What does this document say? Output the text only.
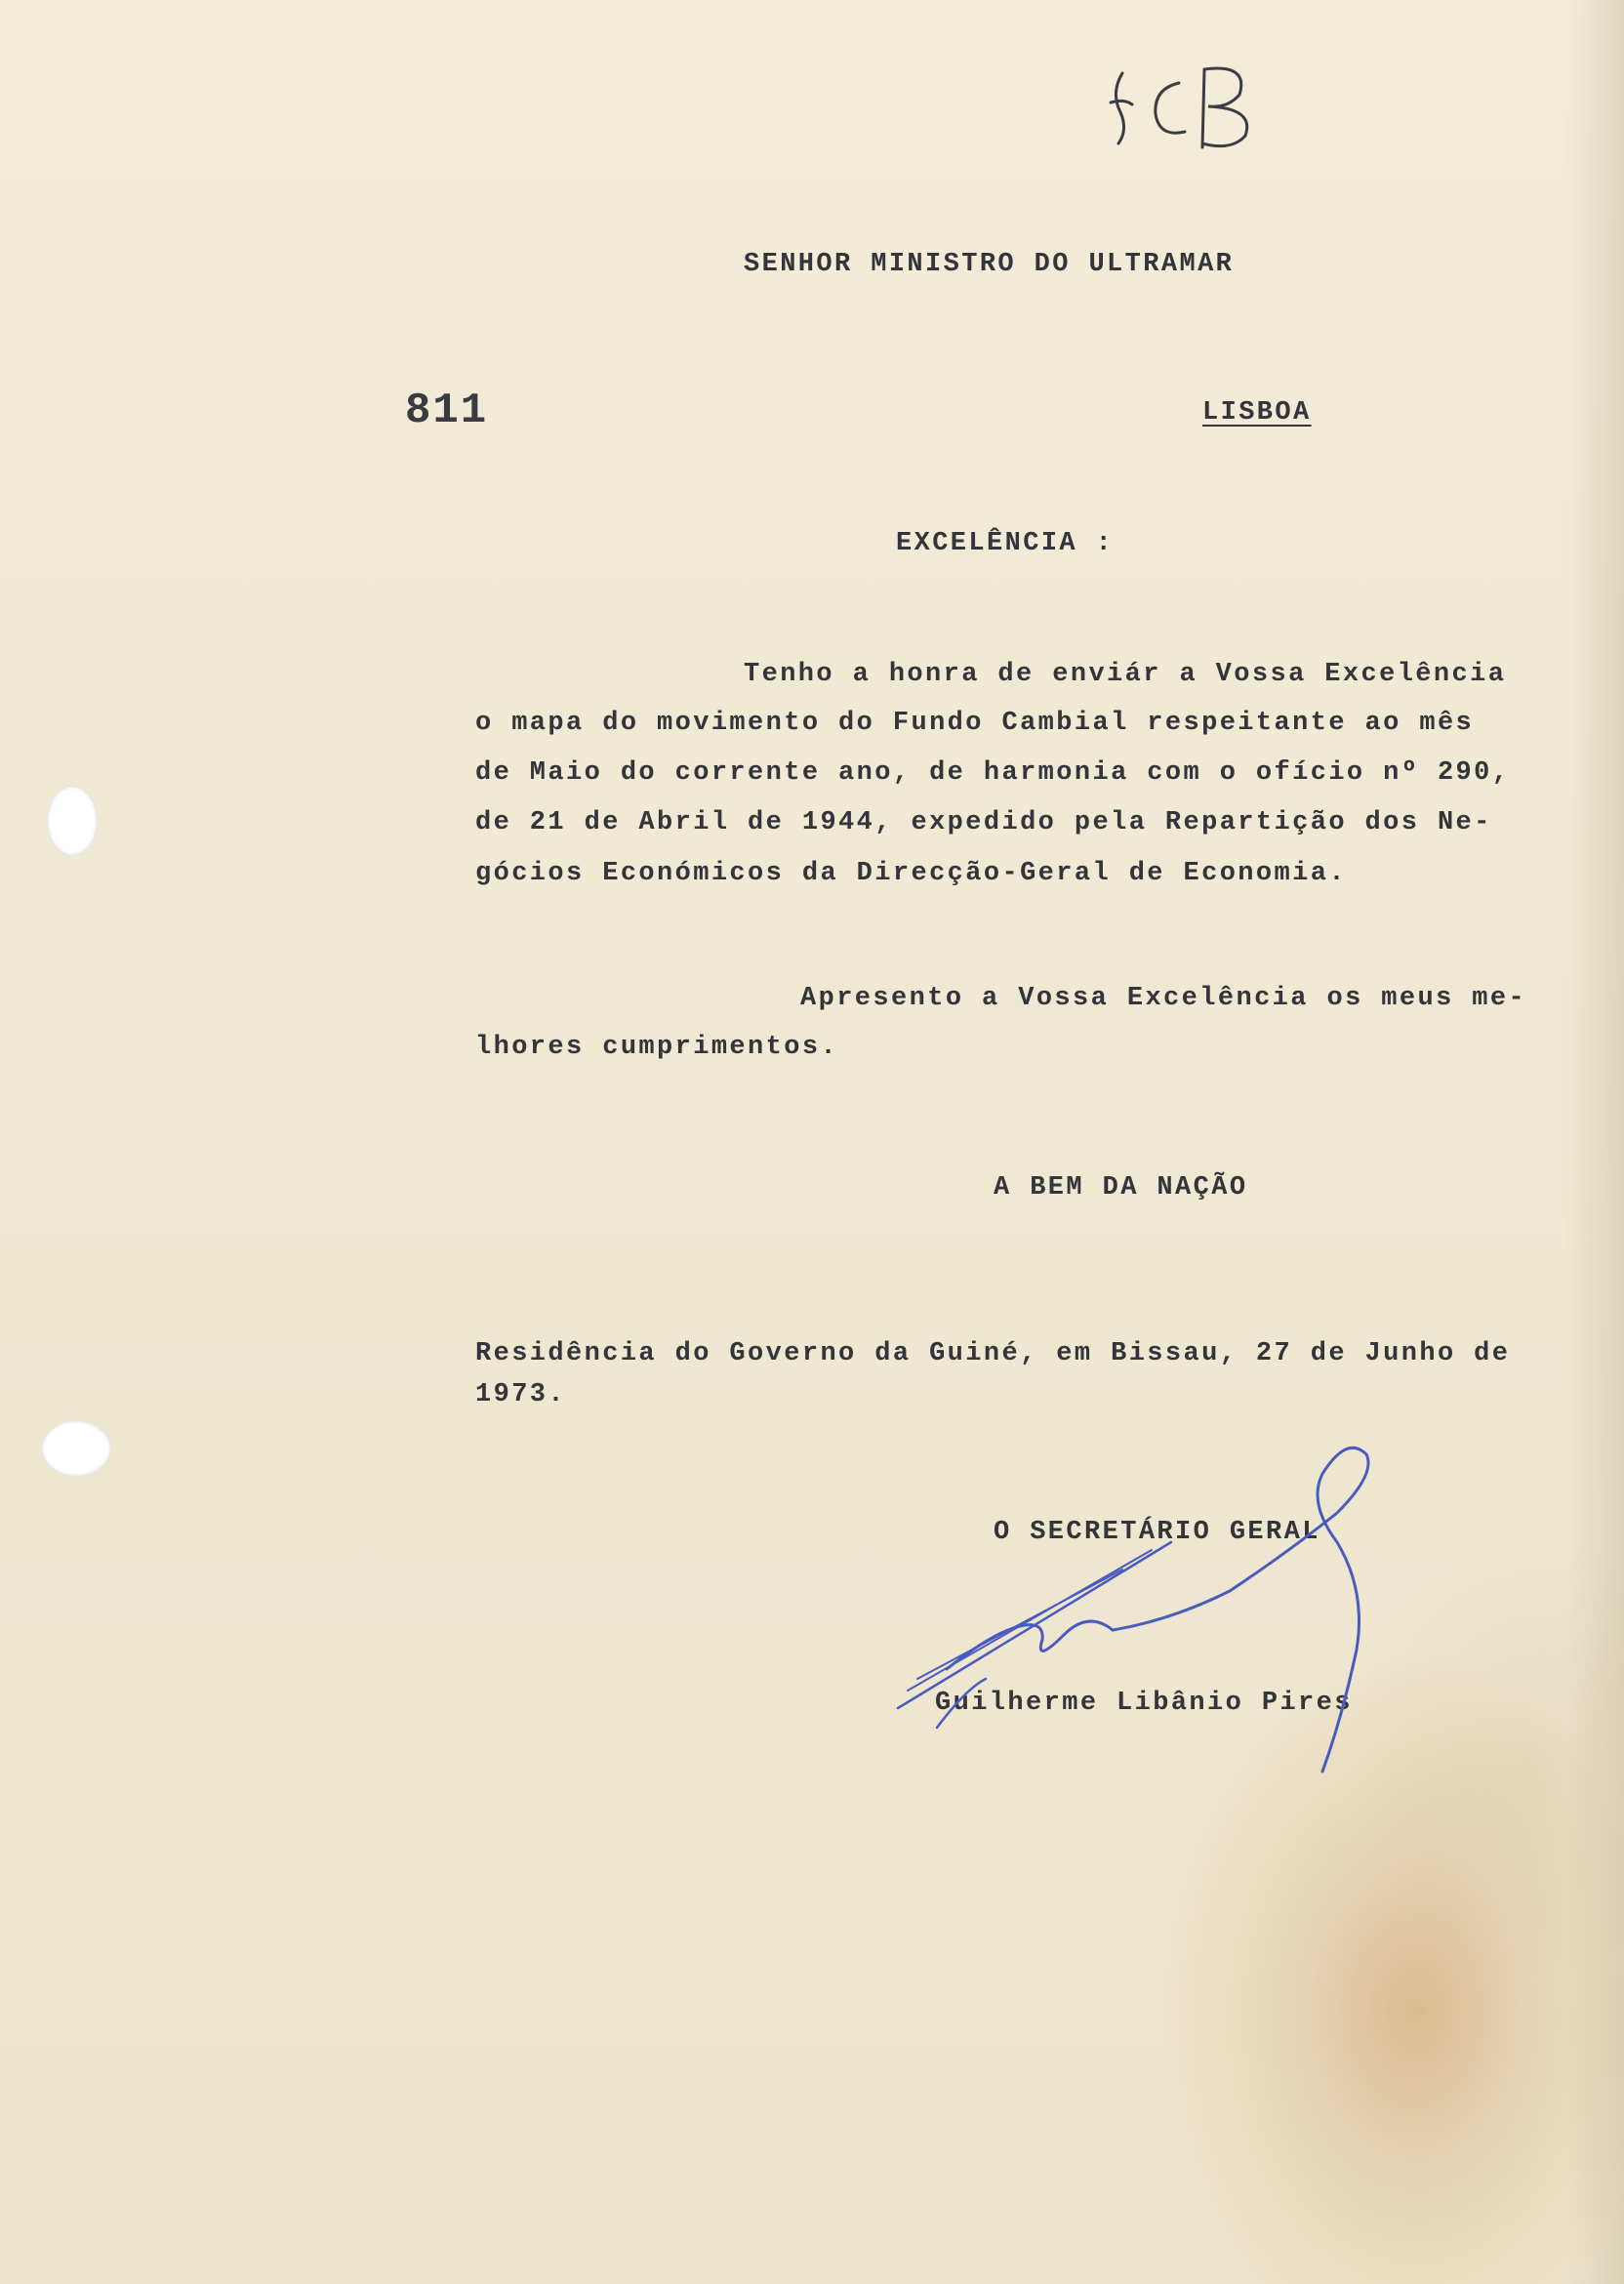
SENHOR MINISTRO DO ULTRAMAR
811	LISBOA
EXCELÊNCIA :
Tenho a honra de enviár a Vossa Excelência
o mapa do movimento do Fundo Cambial respeitante ao mês
de Maio do corrente ano, de harmonia com o ofício nº 290,
de 21 de Abril de 1944, expedido pela Repartição dos Ne-
gócios Económicos da Direcção-Geral de Economia.
Apresento a Vossa Excelência os meus me-
lhores cumprimentos.
A BEM DA NAÇÃO
Residência do Governo da Guiné, em Bissau, 27 de Junho de
1973.
O SECRETÁRIO GERAL
Guilherme Libânio Pires
